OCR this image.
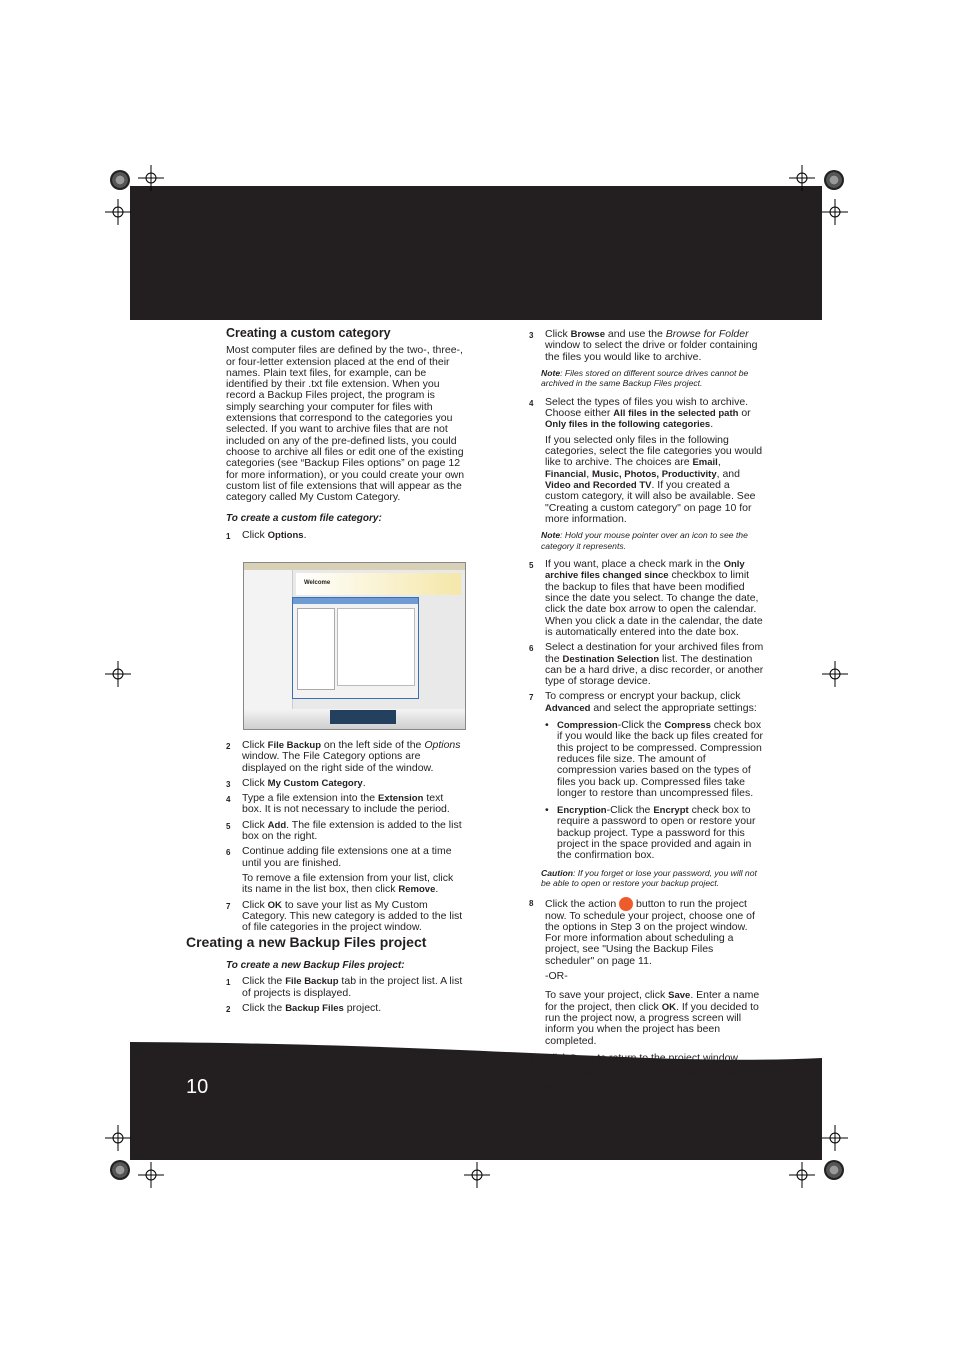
10
Creating a custom category

Most computer files are defined by the two-, three-, or four-letter extension placed at the end of their names. Plain text files, for example, can be identified by their .txt file extension. When you record a Backup Files project, the program is simply searching your computer for files with extensions that correspond to the categories you selected. If you want to archive files that are not included on any of the pre-defined lists, you could choose to archive all files or edit one of the existing categories (see “Backup Files options” on page 12 for more information), or you could create your own custom list of file extensions that will appear as the category called My Custom Category.

To create a custom file category:
1 Click Options.
Welcome
2 Click File Backup on the left side of the Options window. The File Category options are displayed on the right side of the window.
3 Click My Custom Category.
4 Type a file extension into the Extension text box. It is not necessary to include the period.
5 Click Add. The file extension is added to the list box on the right.
6 Continue adding file extensions one at a time until you are finished.
To remove a file extension from your list, click its name in the list box, then click Remove.
7 Click OK to save your list as My Custom Category. This new category is added to the list of file categories in the project window.
Creating a new Backup Files project
To create a new Backup Files project:
1 Click the File Backup tab in the project list. A list of projects is displayed.
2 Click the Backup Files project.
3 Click Browse and use the Browse for Folder window to select the drive or folder containing the files you would like to archive.
Note: Files stored on different source drives cannot be archived in the same Backup Files project.
4 Select the types of files you wish to archive. Choose either All files in the selected path or Only files in the following categories.
If you selected only files in the following categories, select the file categories you would like to archive. The choices are Email, Financial, Music, Photos, Productivity, and Video and Recorded TV. If you created a custom category, it will also be available. See "Creating a custom category" on page 10 for more information.
Note: Hold your mouse pointer over an icon to see the category it represents.
5 If you want, place a check mark in the Only archive files changed since checkbox to limit the backup to files that have been modified since the date you select. To change the date, click the date box arrow to open the calendar. When you click a date in the calendar, the date is automatically entered into the date box.
6 Select a destination for your archived files from the Destination Selection list. The destination can be a hard drive, a disc recorder, or another type of storage device.
7 To compress or encrypt your backup, click Advanced and select the appropriate settings:
• Compression-Click the Compress check box if you would like the back up files created for this project to be compressed. Compression reduces file size. The amount of compression varies based on the types of files you back up. Compressed files take longer to restore than uncompressed files.
• Encryption-Click the Encrypt check box to require a password to open or restore your backup project. Type a password for this project in the space provided and again in the confirmation box.
Caution: If you forget or lose your password, you will not be able to open or restore your backup project.
8 Click the action  button to run the project now. To schedule your project, choose one of the options in Step 3 on the project window. For more information about scheduling a project, see "Using the Backup Files scheduler" on page 11.
-OR-
To save your project, click Save. Enter a name for the project, then click OK. If you decided to run the project now, a progress screen will inform you when the project has been completed.
9 Click Done to return to the project window.
Note: Scheduled projects must be saved before they can be run.
